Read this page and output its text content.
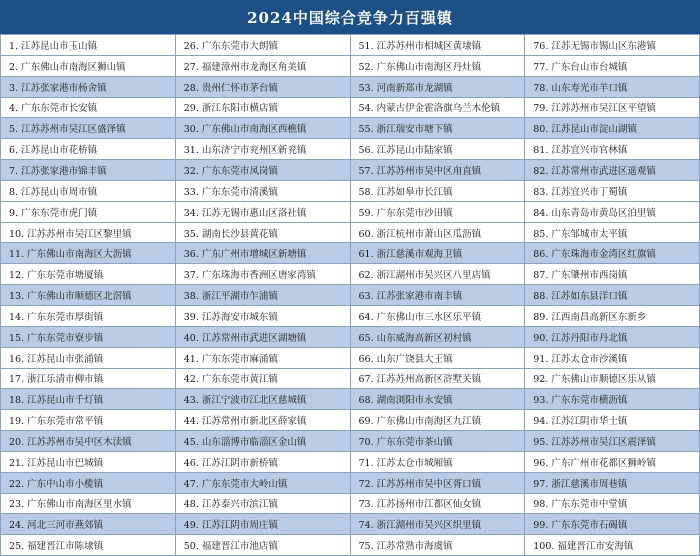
2024中国综合竞争力百强镇
1. 江苏昆山市玉山镇
2. 广东佛山市南海区狮山镇
3. 江苏张家港市杨舍镇
4. 广东东莞市长安镇
5. 江苏苏州市吴江区盛泽镇
6. 江苏昆山市花桥镇
7. 江苏张家港市锦丰镇
8. 江苏昆山市周市镇
9. 广东东莞市虎门镇
10. 江苏苏州市吴江区黎里镇
11. 广东佛山市南海区大沥镇
12. 广东东莞市塘厦镇
13. 广东佛山市顺德区北滘镇
14. 广东东莞市厚街镇
15. 广东东莞市寮步镇
16. 江苏昆山市张浦镇
17. 浙江乐清市柳市镇
18. 江苏昆山市千灯镇
19. 广东东莞市常平镇
20. 江苏苏州市吴中区木渎镇
21. 江苏昆山市巴城镇
22. 广东中山市小榄镇
23. 广东佛山市南海区里水镇
24. 河北三河市燕郊镇
25. 福建晋江市陈埭镇
26. 广东东莞市大朗镇
27. 福建漳州市龙海区角美镇
28. 贵州仁怀市茅台镇
29. 浙江东阳市横店镇
30. 广东佛山市南海区西樵镇
31. 山东济宁市兖州区新兖镇
32. 广东东莞市凤岗镇
33. 广东东莞市清溪镇
34. 江苏无锡市惠山区洛社镇
35. 湖南长沙县黄花镇
36. 广东广州市增城区新塘镇
37. 广东珠海市香洲区唐家湾镇
38. 浙江平湖市乍浦镇
39. 江苏海安市城东镇
40. 江苏常州市武进区湖塘镇
41. 广东东莞市麻涌镇
42. 广东东莞市黄江镇
43. 浙江宁波市江北区慈城镇
44. 江苏常州市新北区薛家镇
45. 山东淄博市临淄区金山镇
46. 江苏江阴市新桥镇
47. 广东东莞市大岭山镇
48. 江苏泰兴市滨江镇
49. 江苏江阴市周庄镇
50. 福建晋江市池店镇
51. 江苏苏州市相城区黄埭镇
52. 广东佛山市南海区丹灶镇
53. 河南新郑市龙湖镇
54. 内蒙古伊金霍洛旗乌兰木伦镇
55. 浙江瑞安市塘下镇
56. 江苏昆山市陆家镇
57. 江苏苏州市吴中区甪直镇
58. 江苏如皋市长江镇
59. 广东东莞市沙田镇
60. 浙江杭州市萧山区瓜沥镇
61. 浙江慈溪市观海卫镇
62. 浙江湖州市吴兴区八里店镇
63. 江苏张家港市南丰镇
64. 广东佛山市三水区乐平镇
65. 山东威海高新区初村镇
66. 山东广饶县大王镇
67. 江苏苏州高新区浒墅关镇
68. 湖南浏阳市永安镇
69. 广东佛山市南海区九江镇
70. 广东东莞市茶山镇
71. 江苏太仓市城厢镇
72. 江苏苏州市吴中区胥口镇
73. 江苏扬州市江都区仙女镇
74. 浙江湖州市吴兴区织里镇
75. 江苏常熟市海虞镇
76. 江苏无锡市锡山区东港镇
77. 广东台山市台城镇
78. 山东寿光市羊口镇
79. 江苏苏州市吴江区平望镇
80. 江苏昆山市淀山湖镇
81. 江苏宜兴市官林镇
82. 江苏常州市武进区遥观镇
83. 江苏宜兴市丁蜀镇
84. 山东青岛市黄岛区泊里镇
85. 广东邹城市太平镇
86. 广东珠海市金湾区红旗镇
87. 广东肇州市西岗镇
88. 江苏如东县洋口镇
89. 江西南昌高新区东新乡
90. 江苏丹阳市丹北镇
91. 江苏太仓市沙溪镇
92. 广东佛山市顺德区乐从镇
93. 广东东莞市横沥镇
94. 江苏江阴市华士镇
95. 江苏苏州市吴江区震泽镇
96. 广东广州市花都区狮岭镇
97. 浙江慈溪市周巷镇
98. 广东东莞市中堂镇
99. 广东东莞市石碣镇
100. 福建晋江市安海镇
